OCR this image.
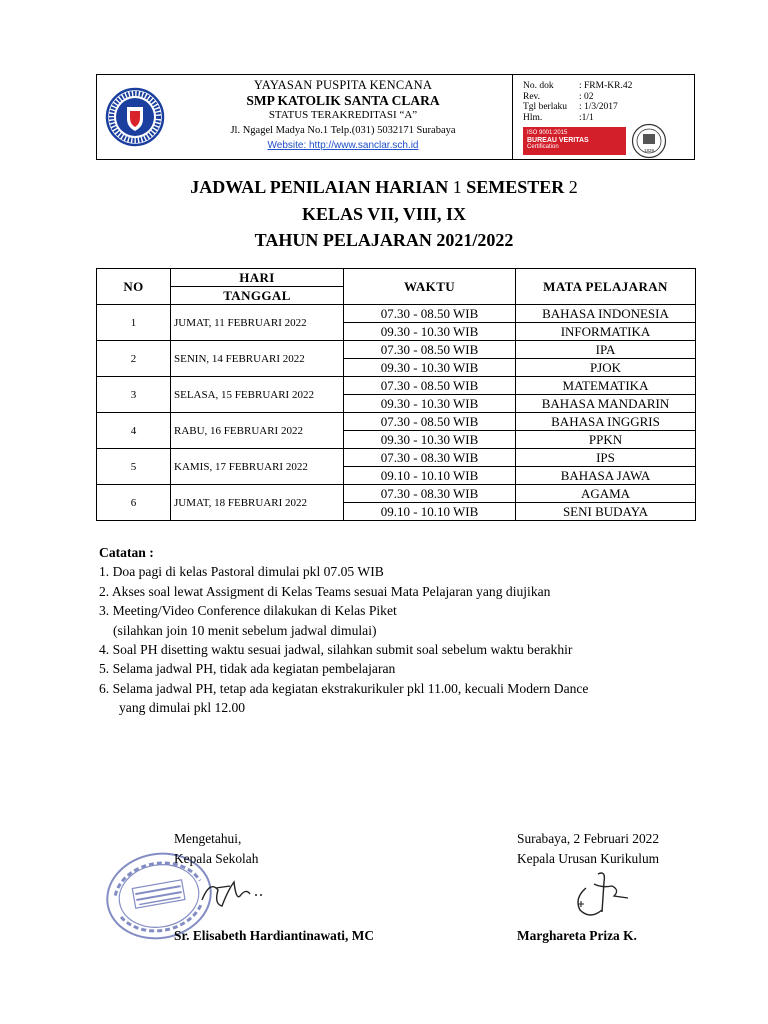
YAYASAN PUSPITA KENCANA
SMP KATOLIK SANTA CLARA
STATUS TERAKREDITASI “A”
Jl. Ngagel Madya No.1 Telp.(031) 5032171 Surabaya
Website: http://www.sanclar.sch.id
No. dok	: FRM-KR.42
Rev.	: 02
Tgl berlaku	: 1/3/2017
Hlm.	:1/1
ISO 9001:2015
BUREAU VERITAS
Certification
1828
JADWAL PENILAIAN HARIAN 1 SEMESTER 2
KELAS VII, VIII, IX
TAHUN PELAJARAN 2021/2022
NO	HARI	WAKTU	MATA PELAJARAN
	TANGGAL		
1	JUMAT, 11 FEBRUARI 2022	07.30 - 08.50 WIB	BAHASA INDONESIA
		09.30 - 10.30 WIB	INFORMATIKA
2	SENIN, 14 FEBRUARI 2022	07.30 - 08.50 WIB	IPA
		09.30 - 10.30 WIB	PJOK
3	SELASA, 15 FEBRUARI 2022	07.30 - 08.50 WIB	MATEMATIKA
		09.30 - 10.30 WIB	BAHASA MANDARIN
4	RABU, 16 FEBRUARI 2022	07.30 - 08.50 WIB	BAHASA INGGRIS
		09.30 - 10.30 WIB	PPKN
5	KAMIS, 17 FEBRUARI 2022	07.30 - 08.30 WIB	IPS
		09.10 - 10.10 WIB	BAHASA JAWA
6	JUMAT, 18 FEBRUARI 2022	07.30 - 08.30 WIB	AGAMA
		09.10 - 10.10 WIB	SENI BUDAYA
Catatan :
1. Doa pagi di kelas Pastoral dimulai pkl 07.05 WIB
2. Akses soal lewat Assigment di Kelas Teams sesuai Mata Pelajaran yang diujikan
3. Meeting/Video Conference dilakukan di Kelas Piket
(silahkan join 10 menit sebelum jadwal dimulai)
4. Soal PH disetting waktu sesuai jadwal, silahkan submit soal sebelum waktu berakhir
5. Selama jadwal PH, tidak ada kegiatan pembelajaran
6. Selama jadwal PH, tetap ada kegiatan ekstrakurikuler pkl 11.00, kecuali Modern Dance
yang dimulai pkl 12.00
Mengetahui,
Kepala Sekolah
Sr. Elisabeth Hardiantinawati, MC
Surabaya, 2 Februari 2022
Kepala Urusan Kurikulum
Marghareta Priza K.
